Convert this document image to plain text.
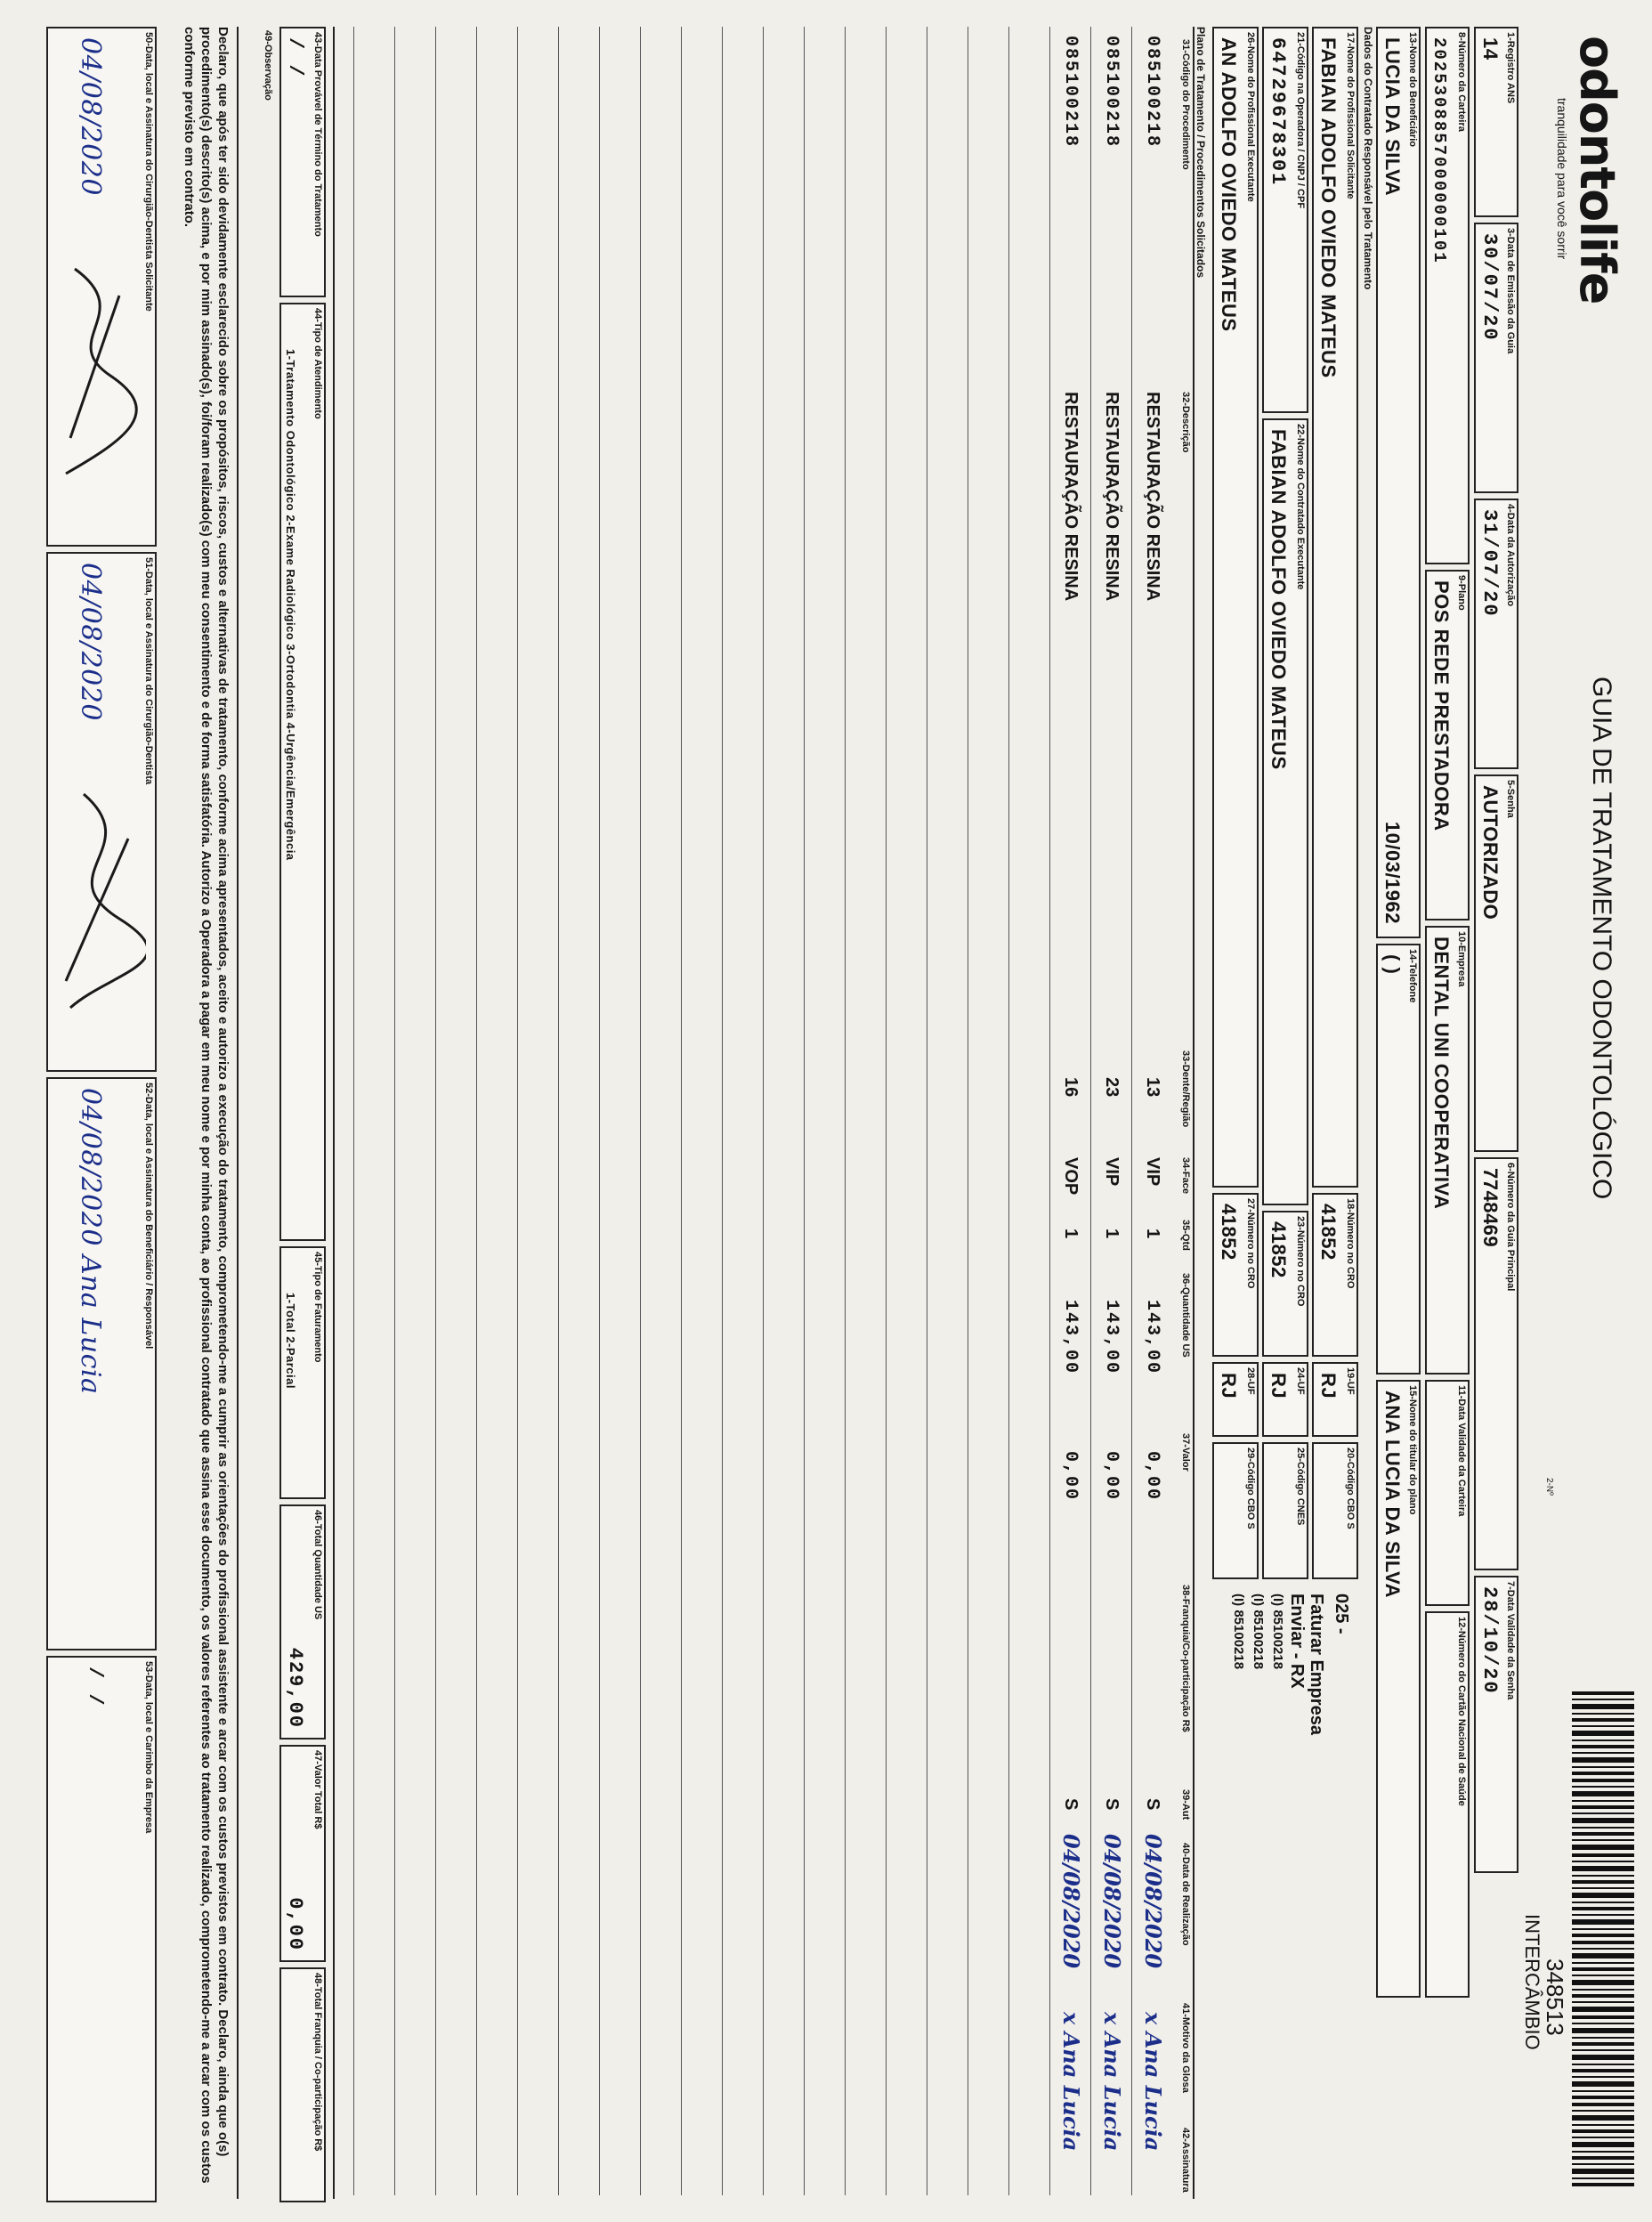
odontolife
tranquilidade para você sorrir
GUIA DE TRATAMENTO ODONTOLÓGICO
2-Nº
348513
INTERCÂMBIO
1-Registro ANS
14
3-Data de Emissão da Guia
30/07/20
4-Data da Autorização
31/07/20
5-Senha
AUTORIZADO
6-Número da Guia Principal
7748469
7-Data Validade da Senha
28/10/20
8-Número da Carteira
2025308857000000101
9-Plano
POS REDE PRESTADORA
10-Empresa
DENTAL UNI COOPERATIVA
11-Data Validade da Carteira
12-Número do Cartão Nacional de Saúde
13-Nome do Beneficiário
LUCIA DA SILVA
10/03/1962
14-Telefone
( )
15-Nome do titular do plano
ANA LUCIA DA SILVA
Dados do Contratado Responsável pelo Tratamento
17-Nome do Profissional Solicitante
FABIAN ADOLFO OVIEDO MATEUS
18-Número no CRO
41852
19-UF
RJ
20-Código CBO S
025 -
21-Código na Operadora / CNPJ / CPF
64729678301
22-Nome do Contratado Executante
FABIAN ADOLFO OVIEDO MATEUS
23-Número no CRO
41852
24-UF
RJ
25-Código CNES
26-Nome do Profissional Executante
AN ADOLFO OVIEDO MATEUS
27-Número no CRO
41852
28-UF
RJ
29-Código CBO S
Faturar Empresa
Enviar - RX
(I) 85100218
(I) 85100218
(I) 85100218
Plano de Tratamento / Procedimentos Solicitados
31-Código do Procedimento
32-Descrição
33-Dente/Região
34-Face
35-Qtd
36-Quantidade US
37-Valor
38-Franquia/Co-participação R$
39-Aut
40-Data de Realização
41-Motivo da Glosa
42-Assinatura
085100218
RESTAURAÇÃO RESINA
13
VIP
1
143,00
0,00
S
04/08/2020
x Ana Lucia
085100218
RESTAURAÇÃO RESINA
23
VIP
1
143,00
0,00
S
04/08/2020
x Ana Lucia
085100218
RESTAURAÇÃO RESINA
16
VOP
1
143,00
0,00
S
04/08/2020
x Ana Lucia
43-Data Provável de Término do Tratamento
/ /
44-Tipo de Atendimento
1-Tratamento Odontológico 2-Exame Radiológico 3-Ortodontia 4-Urgência/Emergência
45-Tipo de Faturamento
1-Total 2-Parcial
46-Total Quantidade US
429,00
47-Valor Total R$
0,00
48-Total Franquia / Co-participação R$
49-Observação
Declaro, que após ter sido devidamente esclarecido sobre os propósitos, riscos, custos e alternativas de tratamento, conforme acima apresentados, aceito e autorizo a execução do tratamento, comprometendo-me a cumprir as orientações do profissional assistente e arcar com os custos previstos em contrato. Declaro, ainda que o(s) procedimento(s) descrito(s) acima, e por mim assinado(s), foi/foram realizado(s) com meu consentimento e de forma satisfatória. Autorizo a Operadora a pagar em meu nome e por minha conta, ao profissional contratado que assina esse documento, os valores referentes ao tratamento realizado, comprometendo-me a arcar com os custos conforme previsto em contrato.
50-Data, local e Assinatura do Cirurgião-Dentista Solicitante
04/08/2020
51-Data, local e Assinatura do Cirurgião-Dentista
04/08/2020
52-Data, local e Assinatura do Beneficiário / Responsável
04/08/2020 Ana Lucia
53-Data, local e Carimbo da Empresa
/ /
